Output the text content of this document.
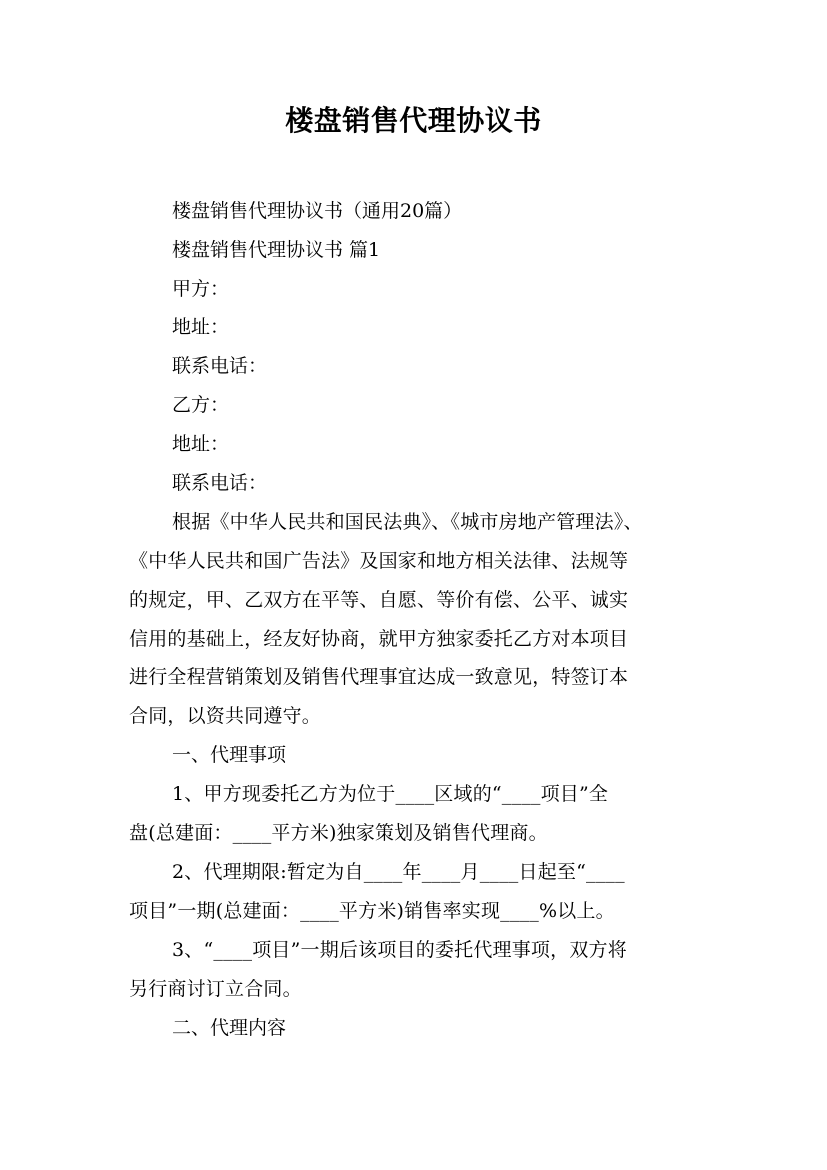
楼盘销售代理协议书
楼盘销售代理协议书（通用20篇）
楼盘销售代理协议书 篇1
甲方：
地址：
联系电话：
乙方：
地址：
联系电话：
根据《中华人民共和国民法典》、《城市房地产管理法》、
《中华人民共和国广告法》及国家和地方相关法律、法规等
的规定，甲、乙双方在平等、自愿、等价有偿、公平、诚实
信用的基础上，经友好协商，就甲方独家委托乙方对本项目
进行全程营销策划及销售代理事宜达成一致意见，特签订本
合同，以资共同遵守。
一、代理事项
1、甲方现委托乙方为位于____区域的“____项目”全
盘(总建面：____平方米)独家策划及销售代理商。
2、代理期限:暂定为自____年____月____日起至“____
项目”一期(总建面：____平方米)销售率实现____%以上。
3、“____项目”一期后该项目的委托代理事项，双方将
另行商讨订立合同。
二、代理内容
